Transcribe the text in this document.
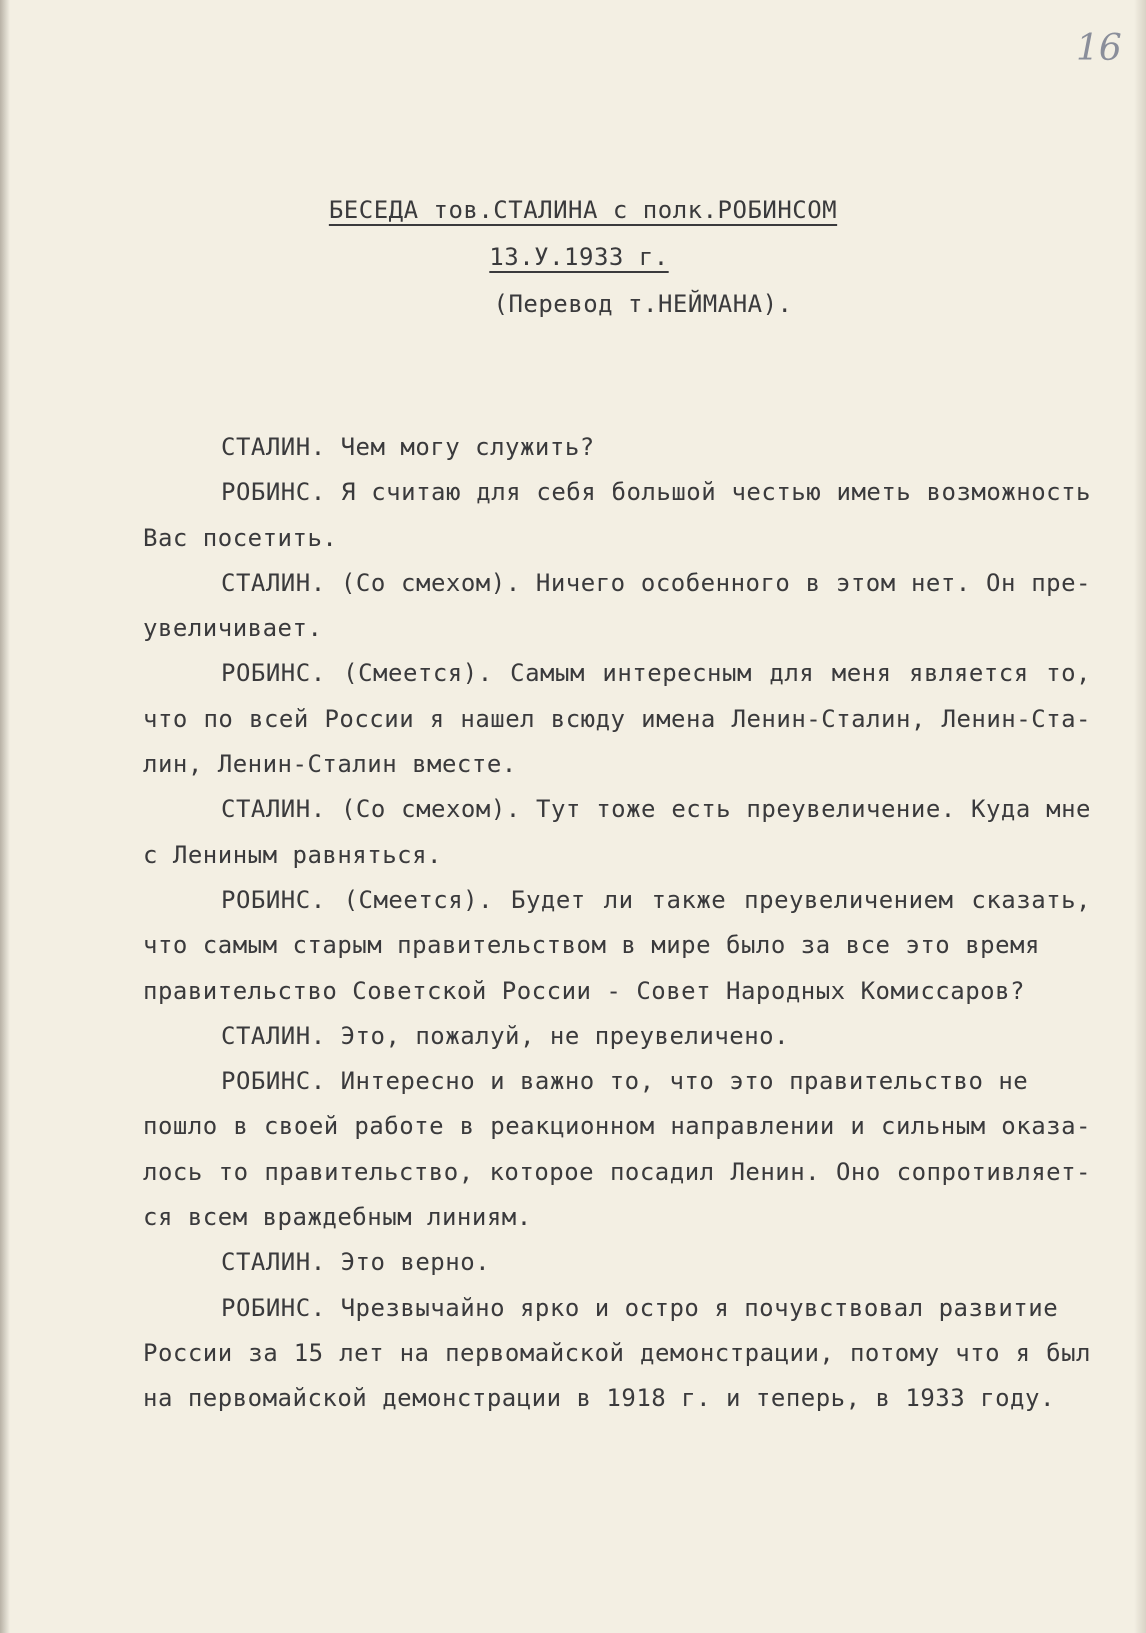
16
БЕСЕДА тов.СТАЛИНА с полк.РОБИНСОМ
13.У.1933 г.
(Перевод т.НЕЙМАНА).
СТАЛИН. Чем могу служить?
РОБИНС. Я считаю для себя большой честью иметь возможность
Вас посетить.
СТАЛИН. (Со смехом). Ничего особенного в этом нет. Он пре-
увеличивает.
РОБИНС. (Смеется). Самым интересным для меня является то,
что по всей России я нашел всюду имена Ленин-Сталин, Ленин-Ста-
лин, Ленин-Сталин вместе.
СТАЛИН. (Со смехом). Тут тоже есть преувеличение. Куда мне
с Лениным равняться.
РОБИНС. (Смеется). Будет ли также преувеличением сказать,
что самым старым правительством в мире было за все это время
правительство Советской России - Совет Народных Комиссаров?
СТАЛИН. Это, пожалуй, не преувеличено.
РОБИНС. Интересно и важно то, что это правительство не
пошло в своей работе в реакционном направлении и сильным оказа-
лось то правительство, которое посадил Ленин. Оно сопротивляет-
ся всем враждебным линиям.
СТАЛИН. Это верно.
РОБИНС. Чрезвычайно ярко и остро я почувствовал развитие
России за 15 лет на первомайской демонстрации, потому что я был
на первомайской демонстрации в 1918 г. и теперь, в 1933 году.
